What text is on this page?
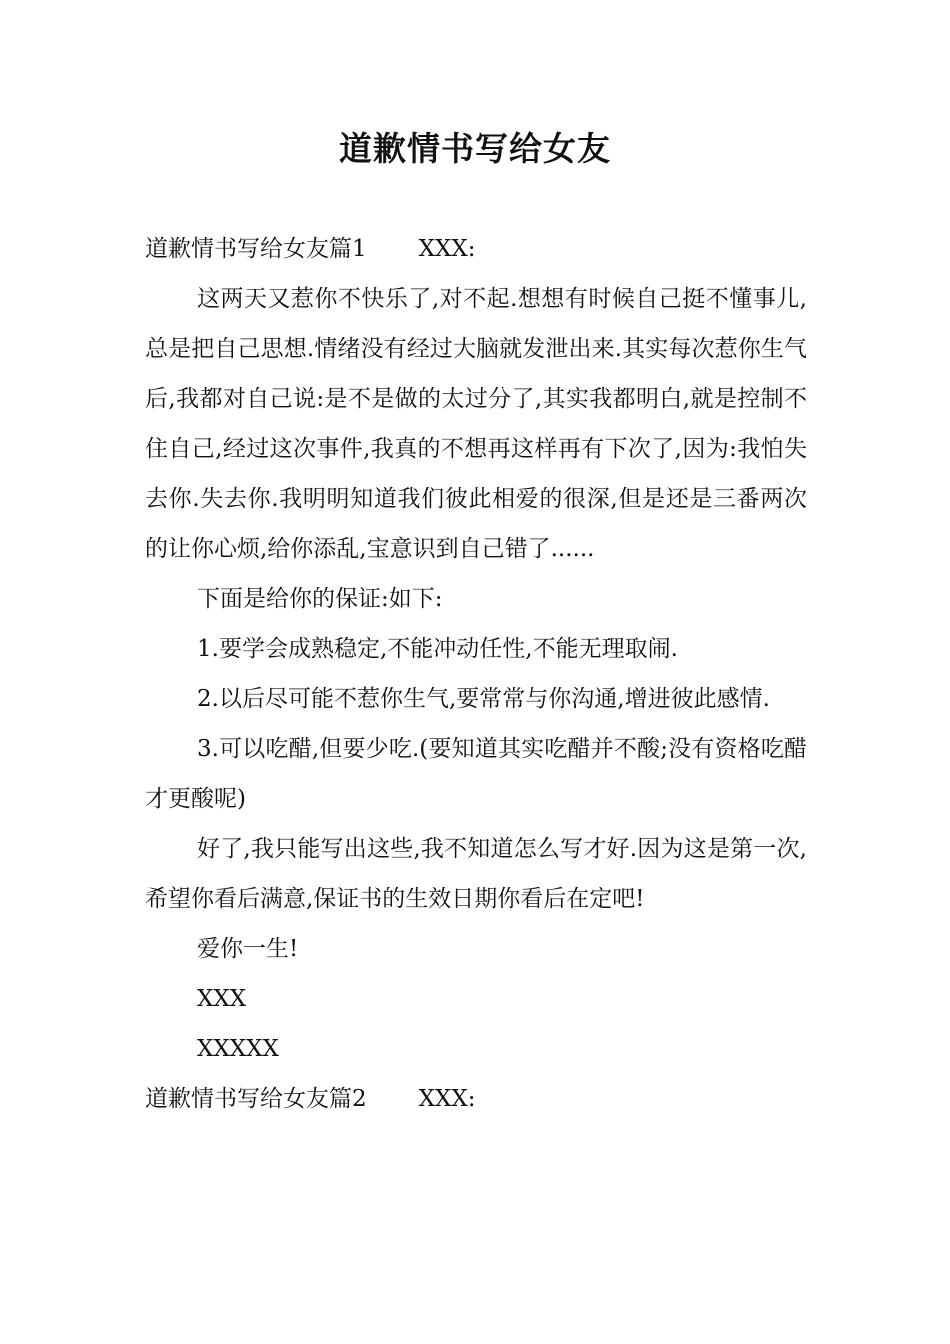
道歉情书写给女友

道歉情书写给女友篇1 XXX:

这两天又惹你不快乐了,对不起.想想有时候自己挺不懂事儿,总是把自己思想.情绪没有经过大脑就发泄出来.其实每次惹你生气后,我都对自己说:是不是做的太过分了,其实我都明白,就是控制不住自己,经过这次事件,我真的不想再这样再有下次了,因为:我怕失去你.失去你.我明明知道我们彼此相爱的很深,但是还是三番两次的让你心烦,给你添乱,宝意识到自己错了......

下面是给你的保证:如下:

1.要学会成熟稳定,不能冲动任性,不能无理取闹.

2.以后尽可能不惹你生气,要常常与你沟通,增进彼此感情.

3.可以吃醋,但要少吃.(要知道其实吃醋并不酸;没有资格吃醋才更酸呢)

好了,我只能写出这些,我不知道怎么写才好.因为这是第一次,希望你看后满意,保证书的生效日期你看后在定吧!

爱你一生!

XXX

XXXXX

道歉情书写给女友篇2 XXX:
